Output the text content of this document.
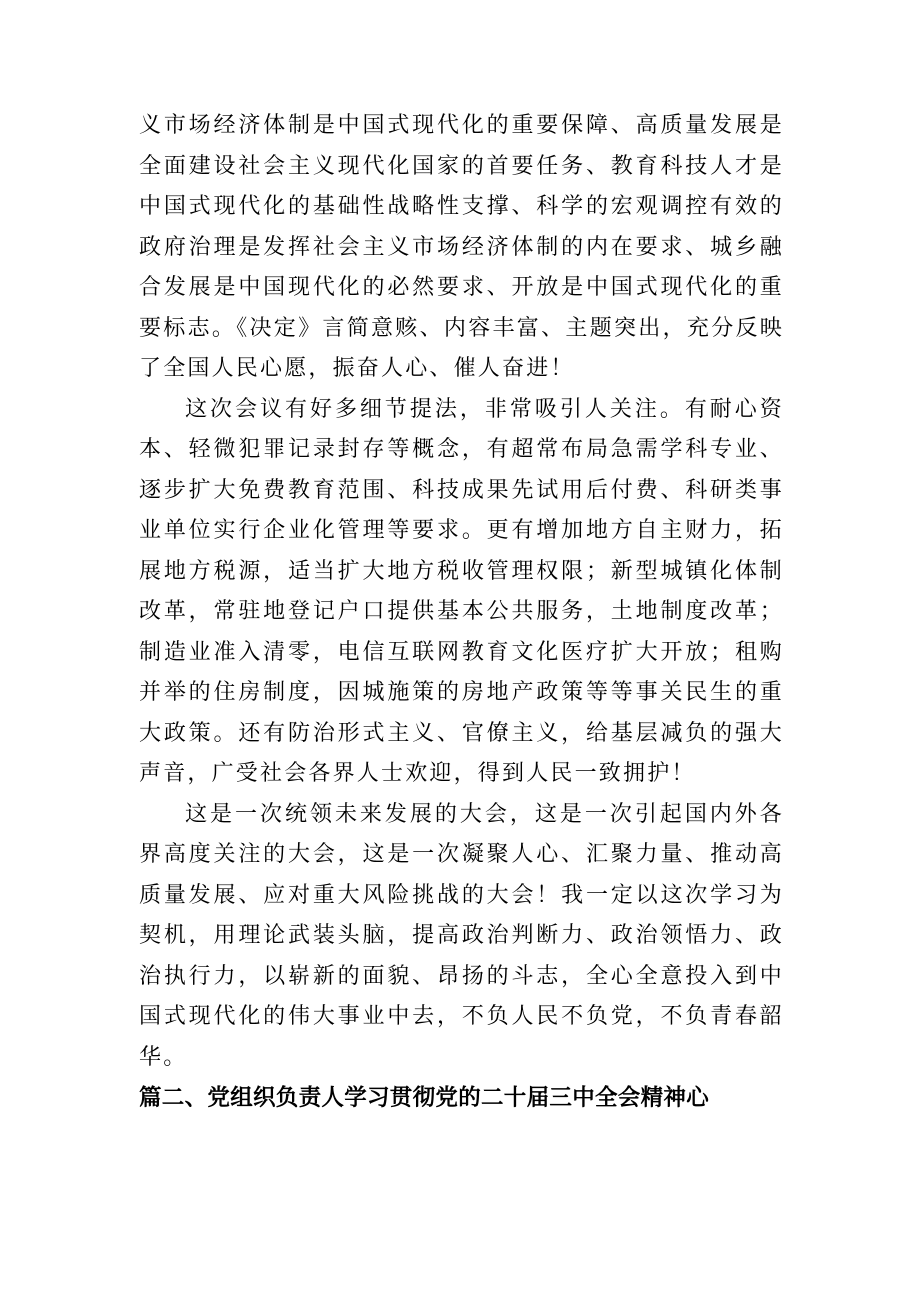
义市场经济体制是中国式现代化的重要保障、高质量发展是全面建设社会主义现代化国家的首要任务、教育科技人才是中国式现代化的基础性战略性支撑、科学的宏观调控有效的政府治理是发挥社会主义市场经济体制的内在要求、城乡融合发展是中国现代化的必然要求、开放是中国式现代化的重要标志。《决定》言简意赅、内容丰富、主题突出，充分反映了全国人民心愿，振奋人心、催人奋进！

这次会议有好多细节提法，非常吸引人关注。有耐心资本、轻微犯罪记录封存等概念，有超常布局急需学科专业、逐步扩大免费教育范围、科技成果先试用后付费、科研类事业单位实行企业化管理等要求。更有增加地方自主财力，拓展地方税源，适当扩大地方税收管理权限；新型城镇化体制改革，常驻地登记户口提供基本公共服务，土地制度改革；制造业准入清零，电信互联网教育文化医疗扩大开放；租购并举的住房制度，因城施策的房地产政策等等事关民生的重大政策。还有防治形式主义、官僚主义，给基层减负的强大声音，广受社会各界人士欢迎，得到人民一致拥护！

这是一次统领未来发展的大会，这是一次引起国内外各界高度关注的大会，这是一次凝聚人心、汇聚力量、推动高质量发展、应对重大风险挑战的大会！我一定以这次学习为契机，用理论武装头脑，提高政治判断力、政治领悟力、政治执行力，以崭新的面貌、昂扬的斗志，全心全意投入到中国式现代化的伟大事业中去，不负人民不负党，不负青春韶华。

篇二、党组织负责人学习贯彻党的二十届三中全会精神心
